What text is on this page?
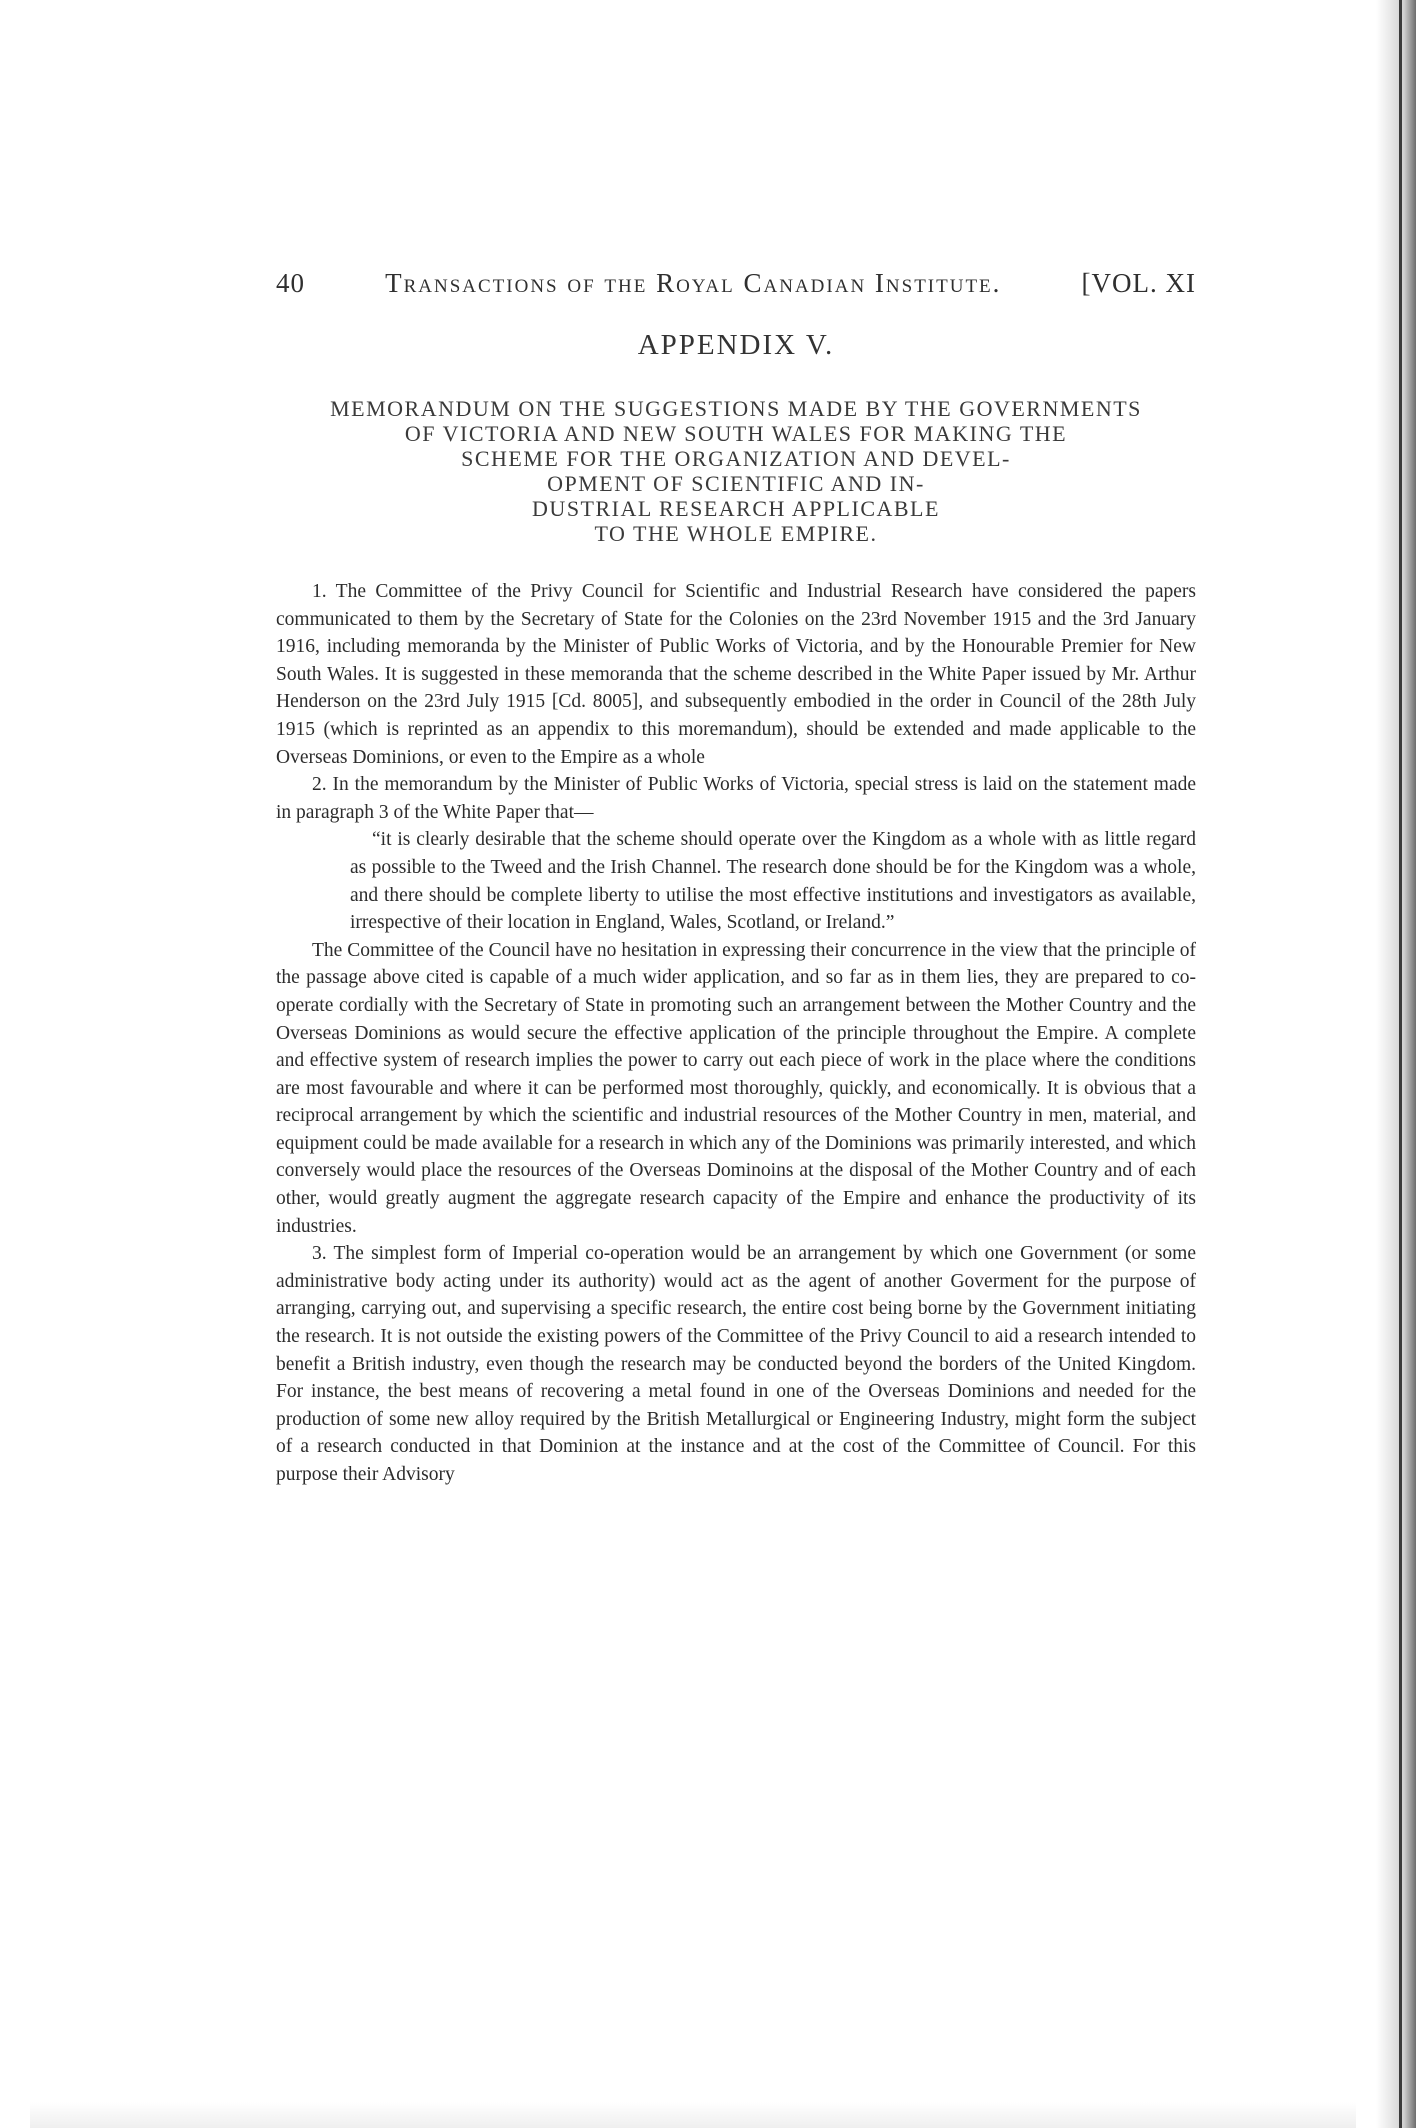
40	Transactions of the Royal Canadian Institute.	[VOL. XI
APPENDIX V.
MEMORANDUM ON THE SUGGESTIONS MADE BY THE GOVERNMENTS
OF VICTORIA AND NEW SOUTH WALES FOR MAKING THE
SCHEME FOR THE ORGANIZATION AND DEVEL-
OPMENT OF SCIENTIFIC AND IN-
DUSTRIAL RESEARCH APPLICABLE
TO THE WHOLE EMPIRE.

1. The Committee of the Privy Council for Scientific and Industrial Research have considered the papers communicated to them by the Secretary of State for the Colonies on the 23rd November 1915 and the 3rd January 1916, including memoranda by the Minister of Public Works of Victoria, and by the Honourable Premier for New South Wales. It is suggested in these memoranda that the scheme described in the White Paper issued by Mr. Arthur Henderson on the 23rd July 1915 [Cd. 8005], and subsequently embodied in the order in Council of the 28th July 1915 (which is reprinted as an appendix to this moremandum), should be extended and made applicable to the Overseas Dominions, or even to the Empire as a whole

2. In the memorandum by the Minister of Public Works of Victoria, special stress is laid on the statement made in paragraph 3 of the White Paper that—

“it is clearly desirable that the scheme should operate over the Kingdom as a whole with as little regard as possible to the Tweed and the Irish Channel. The research done should be for the Kingdom was a whole, and there should be complete liberty to utilise the most effective institutions and investigators as available, irrespective of their location in England, Wales, Scotland, or Ireland.”

The Committee of the Council have no hesitation in expressing their concurrence in the view that the principle of the passage above cited is capable of a much wider application, and so far as in them lies, they are prepared to co-operate cordially with the Secretary of State in promoting such an arrangement between the Mother Country and the Overseas Dominions as would secure the effective application of the principle throughout the Empire. A complete and effective system of research implies the power to carry out each piece of work in the place where the conditions are most favourable and where it can be performed most thoroughly, quickly, and economically. It is obvious that a reciprocal arrangement by which the scientific and industrial resources of the Mother Country in men, material, and equipment could be made available for a research in which any of the Dominions was primarily interested, and which conversely would place the resources of the Overseas Dominoins at the disposal of the Mother Country and of each other, would greatly augment the aggregate research capacity of the Empire and enhance the productivity of its industries.

3. The simplest form of Imperial co-operation would be an arrangement by which one Government (or some administrative body acting under its authority) would act as the agent of another Goverment for the purpose of arranging, carrying out, and supervising a specific research, the entire cost being borne by the Government initiating the research. It is not outside the existing powers of the Committee of the Privy Council to aid a research intended to benefit a British industry, even though the research may be conducted beyond the borders of the United Kingdom. For instance, the best means of recovering a metal found in one of the Overseas Dominions and needed for the production of some new alloy required by the British Metallurgical or Engineering Industry, might form the subject of a research conducted in that Dominion at the instance and at the cost of the Committee of Council. For this purpose their Advisory
